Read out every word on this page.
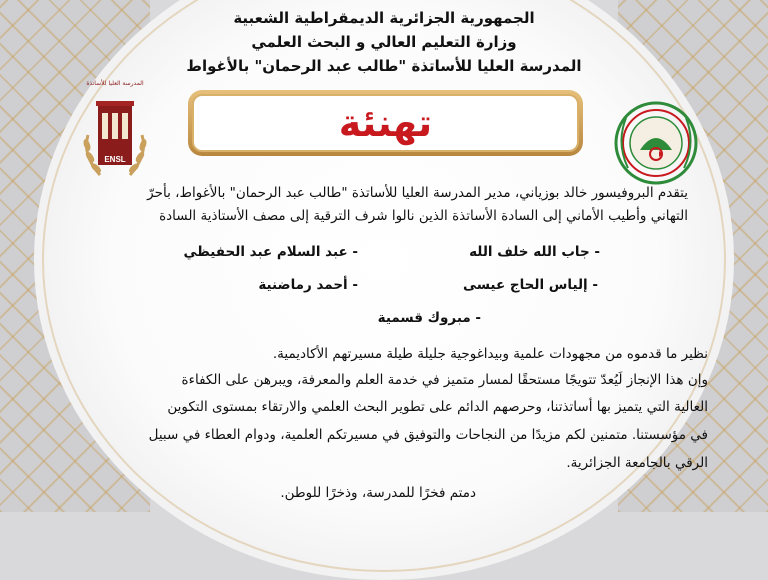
الجمهورية الجزائرية الديمقراطية الشعبية
وزارة التعليم العالي و البحث العلمي
المدرسة العليا للأساتذة "طالب عبد الرحمان" بالأغواط
ENSL
تهنئة

يتقدم البروفيسور خالد بوزياني، مدير المدرسة العليا للأساتذة "طالب عبد الرحمان" بالأغواط، بأحرّ

التهاني وأطيب الأماني إلى السادة الأساتذة الذين نالوا شرف الترقية إلى مصف الأستاذية السادة

- جاب الله خلف الله
- عبد السلام عبد الحفيظي
- إلياس الحاج عيسى
- أحمد رماضنية
- مبروك قسمية
نظير ما قدموه من مجهودات علمية وبيداغوجية جليلة طيلة مسيرتهم الأكاديمية.
وإن هذا الإنجاز لَيُعدّ تتويجًا مستحقًا لمسار متميز في خدمة العلم والمعرفة، ويبرهن على الكفاءة
العالية التي يتميز بها أساتذتنا، وحرصهم الدائم على تطوير البحث العلمي والارتقاء بمستوى التكوين
في مؤسستنا. متمنين لكم مزيدًا من النجاحات والتوفيق في مسيرتكم العلمية، ودوام العطاء في سبيل
الرقي بالجامعة الجزائرية.
دمتم فخرًا للمدرسة، وذخرًا للوطن.
المدرسة العليا للأساتذة
